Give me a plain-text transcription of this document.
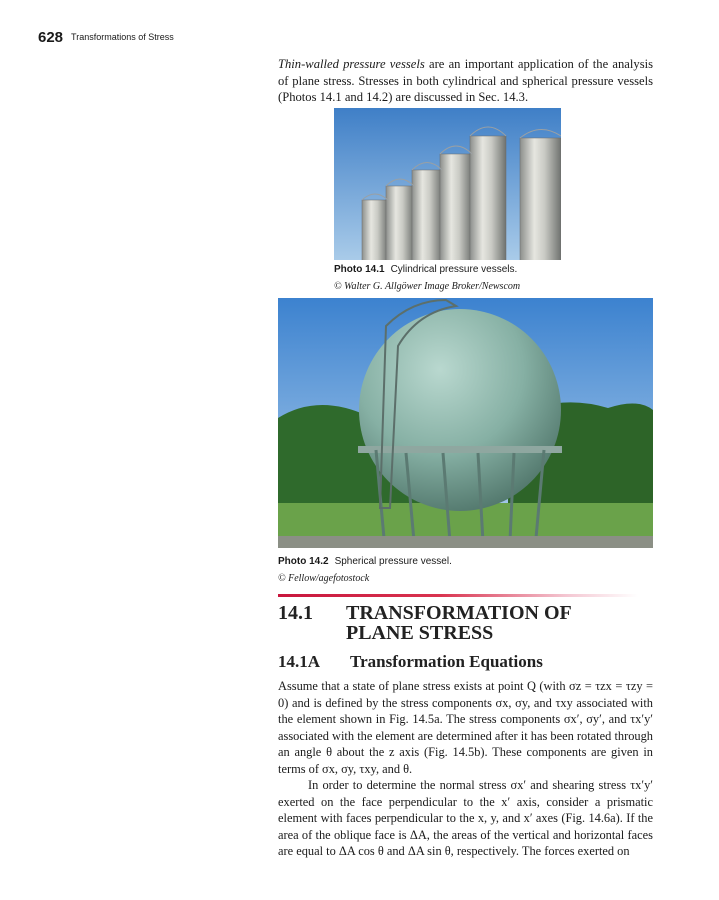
628 Transformations of Stress
Thin-walled pressure vessels are an important application of the analysis of plane stress. Stresses in both cylindrical and spherical pressure vessels (Photos 14.1 and 14.2) are discussed in Sec. 14.3.
Photo 14.1 Cylindrical pressure vessels.
© Walter G. Allgöwer Image Broker/Newscom
Photo 14.2 Spherical pressure vessel.
© Fellow/agefotostock
14.1 TRANSFORMATION OF
PLANE STRESS
14.1A Transformation Equations

Assume that a state of plane stress exists at point Q (with σz = τzx = τzy = 0) and is defined by the stress components σx, σy, and τxy associated with the element shown in Fig. 14.5a. The stress components σx′, σy′, and τx′y′ associated with the element are determined after it has been rotated through an angle θ about the z axis (Fig. 14.5b). These components are given in terms of σx, σy, τxy, and θ.

In order to determine the normal stress σx′ and shearing stress τx′y′ exerted on the face perpendicular to the x′ axis, consider a prismatic element with faces perpendicular to the x, y, and x′ axes (Fig. 14.6a). If the area of the oblique face is ΔA, the areas of the vertical and horizontal faces are equal to ΔA cos θ and ΔA sin θ, respectively. The forces exerted on
